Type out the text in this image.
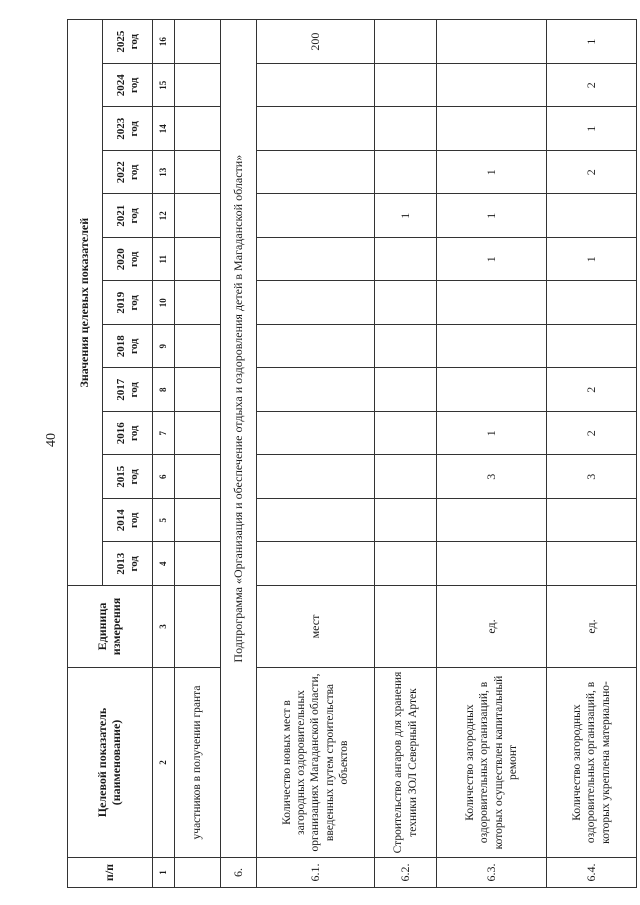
40
п/п	Целевой показатель (наименование)	Единица измерения	Значения целевых показателей												
			2013 год	2014 год	2015 год	2016 год	2017 год	2018 год	2019 год	2020 год	2021 год	2022 год	2023 год	2024 год	2025 год
1	2	3	4	5	6	7	8	9	10	11	12	13	14	15	16
	участников в получении гранта														
6.	Подпрограмма «Организация и обеспечение отдыха и оздоровления детей в Магаданской области»														
6.1.	Количество новых мест в загородных оздоровительных организациях Магаданской области, введенных путем строительства объектов	мест													200
6.2.	Строительство ангаров для хранения техники ЗОЛ Северный Артек										1				
6.3.	Количество загородных оздоровительных организаций, в которых осуществлен капитальный ремонт	ед.			3	1				1	1	1			
6.4.	Количество загородных оздоровительных организаций, в которых укреплена материально-	ед.			3	2	2			1		2	1	2	1
